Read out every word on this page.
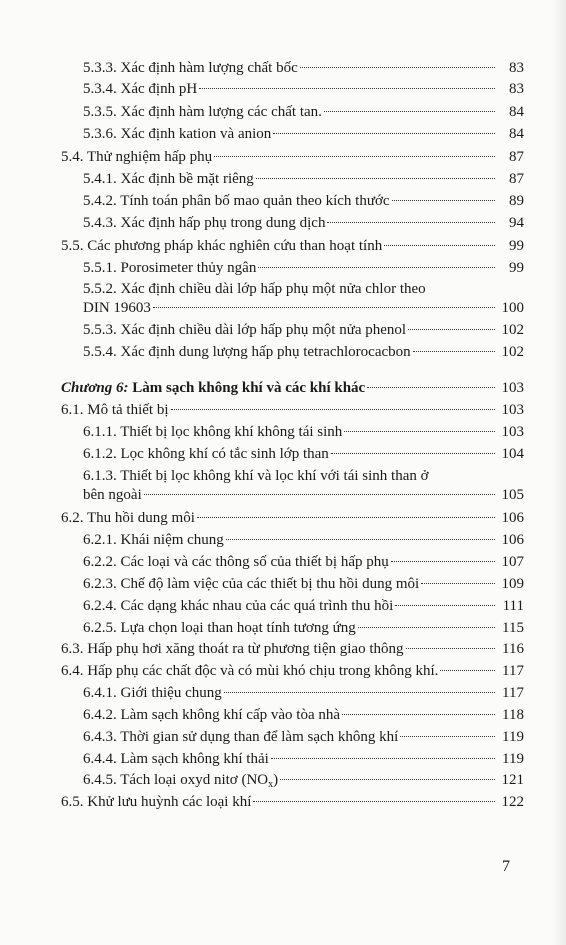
5.3.3. Xác định hàm lượng chất bốc	83
5.3.4. Xác định pH	83
5.3.5. Xác định hàm lượng các chất tan.	84
5.3.6. Xác định kation và anion	84
5.4. Thử nghiệm hấp phụ	87
5.4.1. Xác định bề mặt riêng	87
5.4.2. Tính toán phân bố mao quản theo kích thước	89
5.4.3. Xác định hấp phụ trong dung dịch	94
5.5. Các phương pháp khác nghiên cứu than hoạt tính	99
5.5.1. Porosimeter thủy ngân	99
5.5.2. Xác định chiều dài lớp hấp phụ một nửa chlor theo
DIN 19603	100
5.5.3. Xác định chiều dài lớp hấp phụ một nửa phenol	102
5.5.4. Xác định dung lượng hấp phụ tetrachlorocacbon	102
Chương 6: Làm sạch không khí và các khí khác	103
6.1. Mô tả thiết bị	103
6.1.1. Thiết bị lọc không khí không tái sinh	103
6.1.2. Lọc không khí có tắc sinh lớp than	104
6.1.3. Thiết bị lọc không khí và lọc khí với tái sinh than ở
bên ngoài	105
6.2. Thu hồi dung môi	106
6.2.1. Khái niệm chung	106
6.2.2. Các loại và các thông số của thiết bị hấp phụ	107
6.2.3. Chế độ làm việc của các thiết bị thu hồi dung môi	109
6.2.4. Các dạng khác nhau của các quá trình thu hồi	111
6.2.5. Lựa chọn loại than hoạt tính tương ứng	115
6.3. Hấp phụ hơi xăng thoát ra từ phương tiện giao thông	116
6.4. Hấp phụ các chất độc và có mùi khó chịu trong không khí.	117
6.4.1. Giới thiệu chung	117
6.4.2. Làm sạch không khí cấp vào tòa nhà	118
6.4.3. Thời gian sử dụng than để làm sạch không khí	119
6.4.4. Làm sạch không khí thải	119
6.4.5. Tách loại oxyd nitơ $(NO_x)$	121
6.5. Khử lưu huỳnh các loại khí	122
7
